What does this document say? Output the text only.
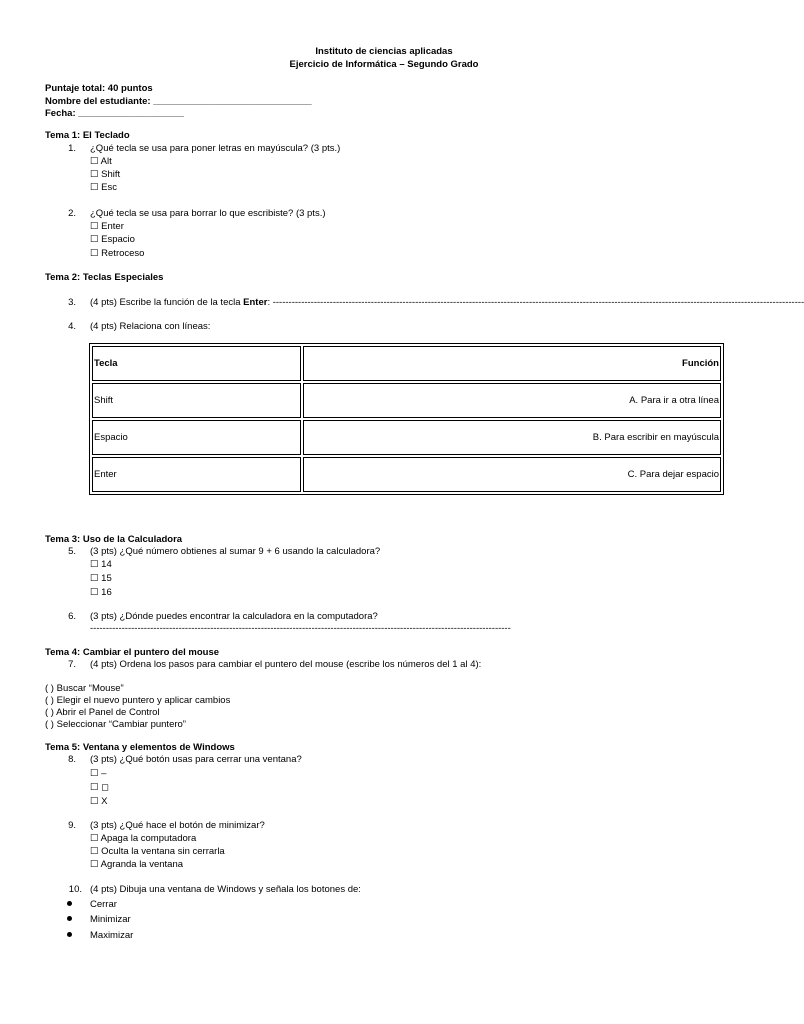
Instituto de ciencias aplicadas
Ejercicio de Informática – Segundo Grado
Puntaje total: 40 puntos
Nombre del estudiante: ______________________________
Fecha: ____________________
Tema 1: El Teclado
1. ¿Qué tecla se usa para poner letras en mayúscula? (3 pts.)
☐ Alt
☐ Shift
☐ Esc
2. ¿Qué tecla se usa para borrar lo que escribiste? (3 pts.)
☐ Enter
☐ Espacio
☐ Retroceso
Tema 2: Teclas Especiales
3. (4 pts) Escribe la función de la tecla Enter: ------------------------------------------------------------------------------------------------------------------------------------------------------------------------
4. (4 pts) Relaciona con líneas:
Tecla	Función
Shift	A. Para ir a otra línea
Espacio	B. Para escribir en mayúscula
Enter	C. Para dejar espacio
Tema 3: Uso de la Calculadora
5. (3 pts) ¿Qué número obtienes al sumar 9 + 6 usando la calculadora?
☐ 14
☐ 15
☐ 16
6. (3 pts) ¿Dónde puedes encontrar la calculadora en la computadora?
-------------------------------------------------------------------------------------------------------------------------------------
Tema 4: Cambiar el puntero del mouse
7. (4 pts) Ordena los pasos para cambiar el puntero del mouse (escribe los números del 1 al 4):
( ) Buscar “Mouse”
( ) Elegir el nuevo puntero y aplicar cambios
( ) Abrir el Panel de Control
( ) Seleccionar “Cambiar puntero”
Tema 5: Ventana y elementos de Windows
8. (3 pts) ¿Qué botón usas para cerrar una ventana?
☐ –
☐ ◻
☐ X
9. (3 pts) ¿Qué hace el botón de minimizar?
☐ Apaga la computadora
☐ Oculta la ventana sin cerrarla
☐ Agranda la ventana
10. (4 pts) Dibuja una ventana de Windows y señala los botones de:
Cerrar
Minimizar
Maximizar
